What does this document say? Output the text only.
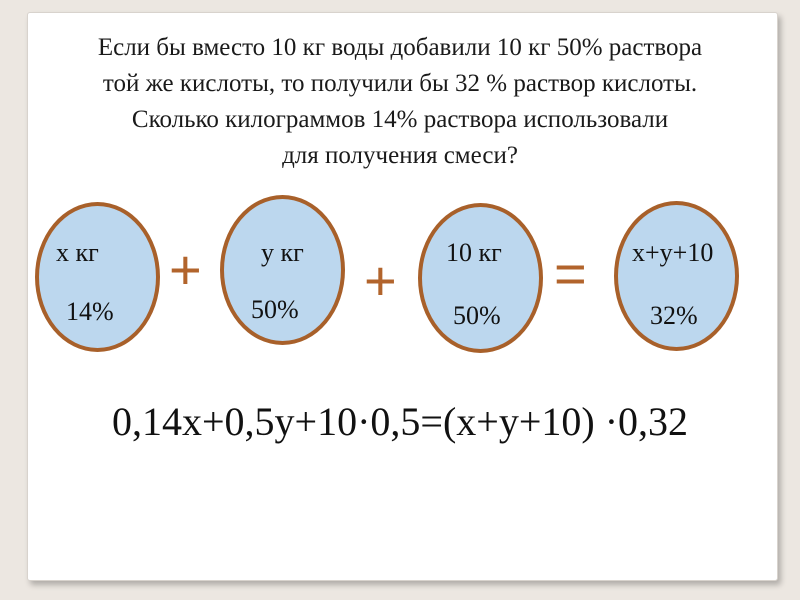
Если бы вместо 10 кг воды добавили 10 кг 50% раствора
той же кислоты, то получили бы 32 % раствор кислоты.
Сколько килограммов 14% раствора использовали
для получения смеси?
х кг
14%
+ у кг
50% + 10 кг
50%
= х+у+10
32%
0,14х+0,5у+10·0,5=(х+у+10) ·0,32
